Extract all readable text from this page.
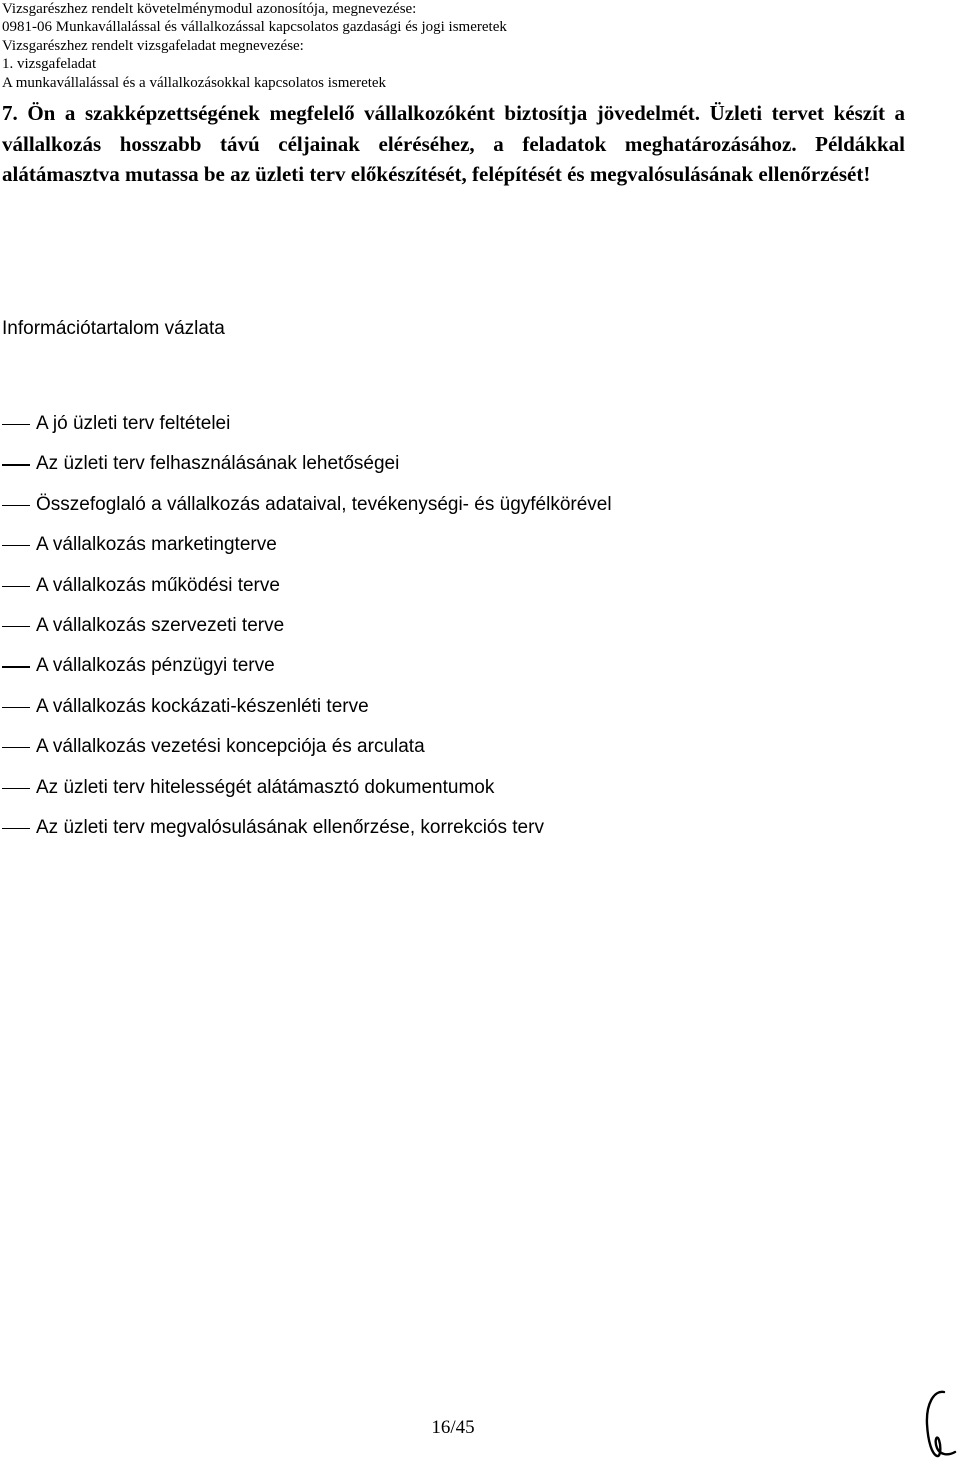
Vizsgarészhez rendelt követelménymodul azonosítója, megnevezése:
0981-06 Munkavállalással és vállalkozással kapcsolatos gazdasági és jogi ismeretek
Vizsgarészhez rendelt vizsgafeladat megnevezése:
1. vizsgafeladat
A munkavállalással és a vállalkozásokkal kapcsolatos ismeretek
7. Ön a szakképzettségének megfelelő vállalkozóként biztosítja jövedelmét. Üzleti tervet készít a vállalkozás hosszabb távú céljainak eléréséhez, a feladatok meghatározásához. Példákkal alátámasztva mutassa be az üzleti terv előkészítését, felépítését és megvalósulásának ellenőrzését!
Információtartalom vázlata
A jó üzleti terv feltételei
Az üzleti terv felhasználásának lehetőségei
Összefoglaló a vállalkozás adataival, tevékenységi- és ügyfélkörével
A vállalkozás marketingterve
A vállalkozás működési terve
A vállalkozás szervezeti terve
A vállalkozás pénzügyi terve
A vállalkozás kockázati-készenléti terve
A vállalkozás vezetési koncepciója és arculata
Az üzleti terv hitelességét alátámasztó dokumentumok
Az üzleti terv megvalósulásának ellenőrzése, korrekciós terv
16/45
